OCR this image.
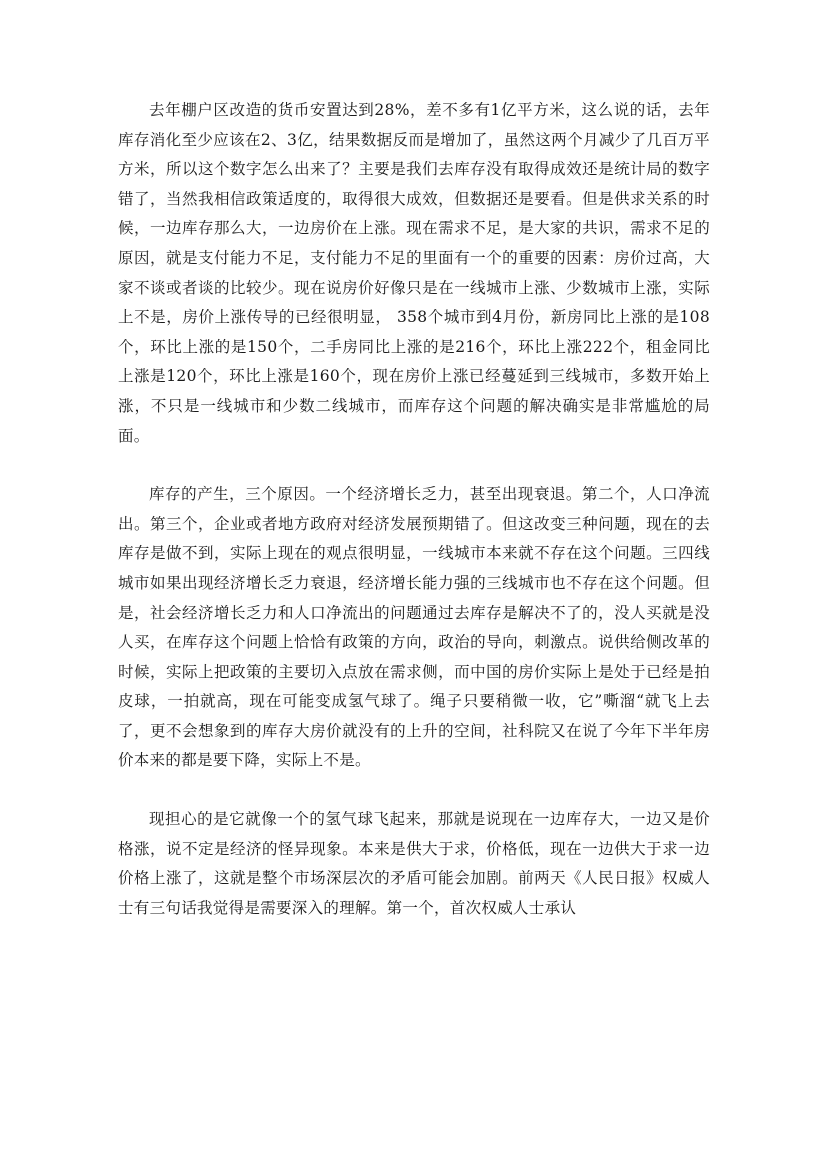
去年棚户区改造的货币安置达到28%，差不多有1亿平方米，这么说的话，去年库存消化至少应该在2、3亿，结果数据反而是增加了，虽然这两个月减少了几百万平方米，所以这个数字怎么出来了？主要是我们去库存没有取得成效还是统计局的数字错了，当然我相信政策适度的，取得很大成效，但数据还是要看。但是供求关系的时候，一边库存那么大，一边房价在上涨。现在需求不足，是大家的共识，需求不足的原因，就是支付能力不足，支付能力不足的里面有一个的重要的因素：房价过高，大家不谈或者谈的比较少。现在说房价好像只是在一线城市上涨、少数城市上涨，实际上不是，房价上涨传导的已经很明显， 358个城市到4月份，新房同比上涨的是108个，环比上涨的是150个，二手房同比上涨的是216个，环比上涨222个，租金同比上涨是120个，环比上涨是160个，现在房价上涨已经蔓延到三线城市，多数开始上涨，不只是一线城市和少数二线城市，而库存这个问题的解决确实是非常尴尬的局面。

库存的产生，三个原因。一个经济增长乏力，甚至出现衰退。第二个，人口净流出。第三个，企业或者地方政府对经济发展预期错了。但这改变三种问题，现在的去库存是做不到，实际上现在的观点很明显，一线城市本来就不存在这个问题。三四线城市如果出现经济增长乏力衰退，经济增长能力强的三线城市也不存在这个问题。但是，社会经济增长乏力和人口净流出的问题通过去库存是解决不了的，没人买就是没人买，在库存这个问题上恰恰有政策的方向，政治的导向，刺激点。说供给侧改革的时候，实际上把政策的主要切入点放在需求侧，而中国的房价实际上是处于已经是拍皮球，一拍就高，现在可能变成氢气球了。绳子只要稍微一收，它”嘶溜“就飞上去了，更不会想象到的库存大房价就没有的上升的空间，社科院又在说了今年下半年房价本来的都是要下降，实际上不是。

现担心的是它就像一个的氢气球飞起来，那就是说现在一边库存大，一边又是价格涨，说不定是经济的怪异现象。本来是供大于求，价格低，现在一边供大于求一边价格上涨了，这就是整个市场深层次的矛盾可能会加剧。前两天《人民日报》权威人士有三句话我觉得是需要深入的理解。第一个，首次权威人士承认
